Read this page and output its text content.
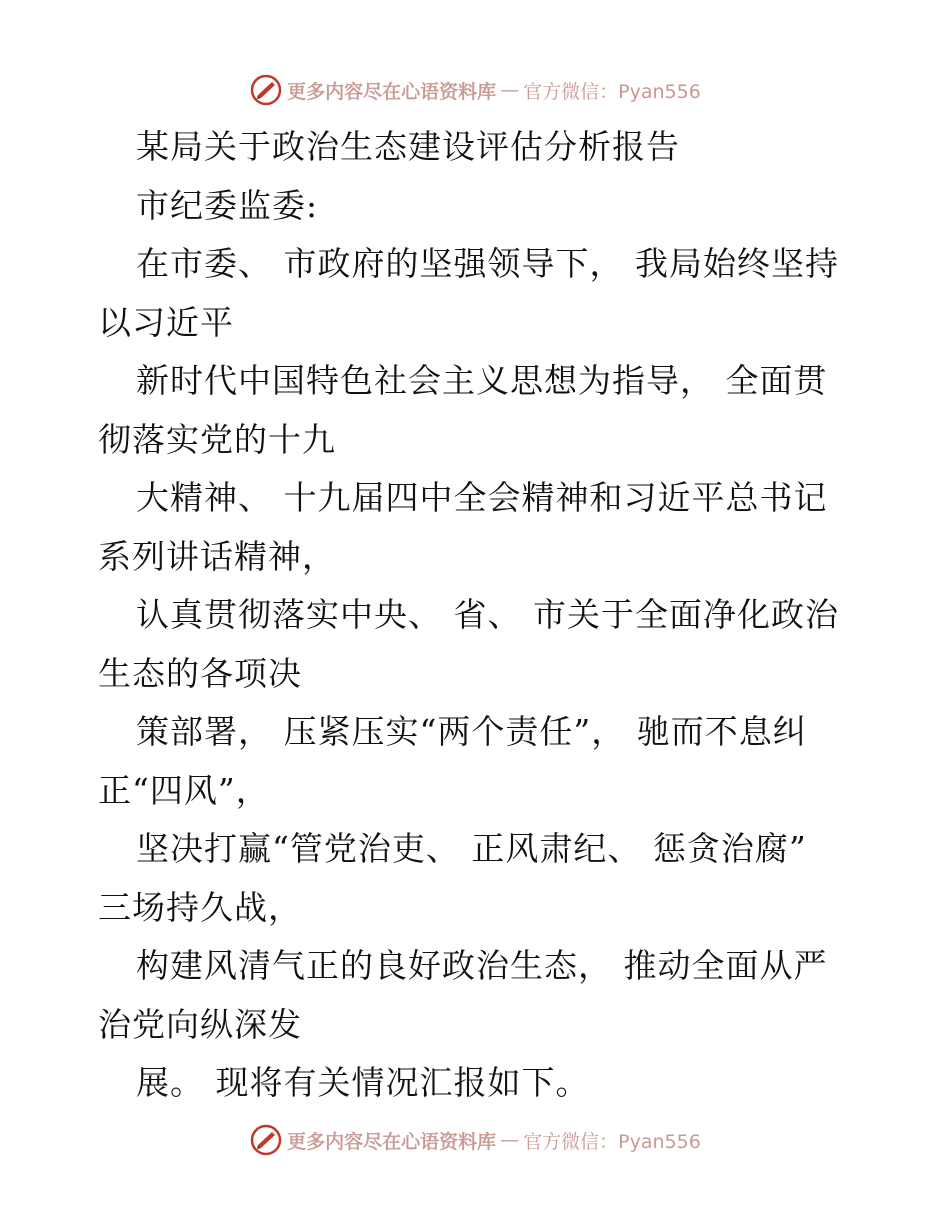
更多内容尽在心语资料库 — 官方微信：Pyan556
某局关于政治生态建设评估分析报告
市纪委监委:
在市委、 市政府的坚强领导下， 我局始终坚持
以习近平
新时代中国特色社会主义思想为指导， 全面贯
彻落实党的十九
大精神、 十九届四中全会精神和习近平总书记
系列讲话精神，
认真贯彻落实中央、 省、 市关于全面净化政治
生态的各项决
策部署， 压紧压实“两个责任”， 驰而不息纠
正“四风”，
坚决打赢“管党治吏、 正风肃纪、 惩贪治腐”
三场持久战，
构建风清气正的良好政治生态， 推动全面从严
治党向纵深发
展。 现将有关情况汇报如下。
更多内容尽在心语资料库 — 官方微信：Pyan556
